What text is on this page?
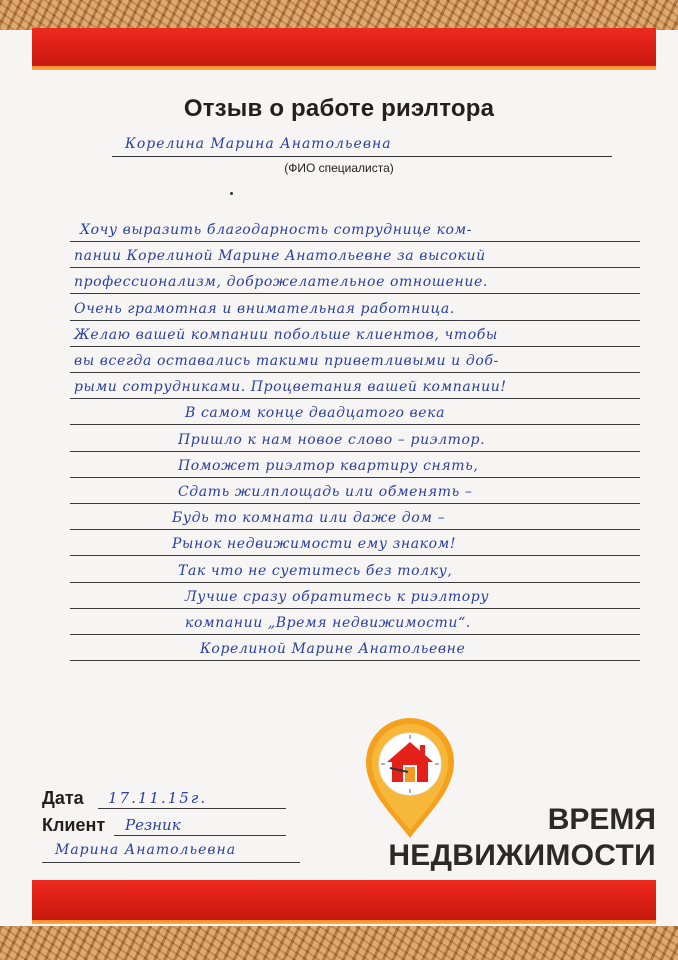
Отзыв о работе риэлтора
Корелина Марина Анатольевна
(ФИО специалиста)
Хочу выразить благодарность сотруднице ком-
пании Корелиной Марине Анатольевне за высокий
профессионализм, доброжелательное отношение.
Очень грамотная и внимательная работница.
Желаю вашей компании побольше клиентов, чтобы
вы всегда оставались такими приветливыми и доб-
рыми сотрудниками. Процветания вашей компании!
В самом конце двадцатого века
Пришло к нам новое слово – риэлтор.
Поможет риэлтор квартиру снять,
Сдать жилплощадь или обменять –
Будь то комната или даже дом –
Рынок недвижимости ему знаком!
Так что не суетитесь без толку,
Лучше сразу обратитесь к риэлтору
компании „Время недвижимости“.
Корелиной Марине Анатольевне
Дата 17.11.15г.
Клиент Резник
Марина Анатольевна
ВРЕМЯ
НЕДВИЖИМОСТИ
